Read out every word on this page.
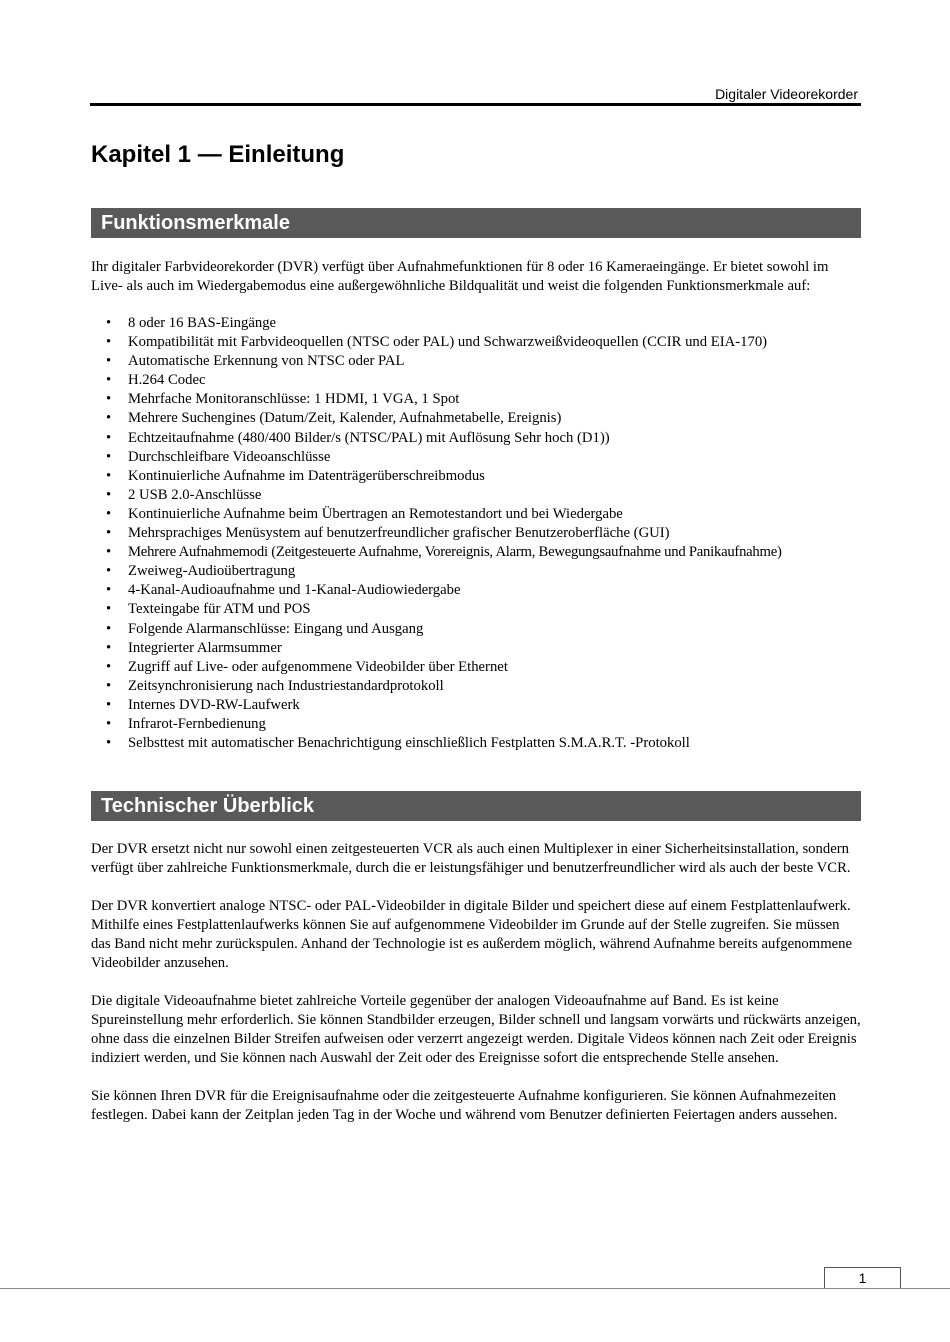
Digitaler Videorekorder
Kapitel 1 — Einleitung
Funktionsmerkmale

Ihr digitaler Farbvideorekorder (DVR) verfügt über Aufnahmefunktionen für 8 oder 16 Kameraeingänge. Er bietet sowohl im Live- als auch im Wiedergabemodus eine außergewöhnliche Bildqualität und weist die folgenden Funktionsmerkmale auf:

• 8 oder 16 BAS-Eingänge
• Kompatibilität mit Farbvideoquellen (NTSC oder PAL) und Schwarzweißvideoquellen (CCIR und EIA-170)
• Automatische Erkennung von NTSC oder PAL
• H.264 Codec
• Mehrfache Monitoranschlüsse: 1 HDMI, 1 VGA, 1 Spot
• Mehrere Suchengines (Datum/Zeit, Kalender, Aufnahmetabelle, Ereignis)
• Echtzeitaufnahme (480/400 Bilder/s (NTSC/PAL) mit Auflösung Sehr hoch (D1))
• Durchschleifbare Videoanschlüsse
• Kontinuierliche Aufnahme im Datenträgerüberschreibmodus
• 2 USB 2.0-Anschlüsse
• Kontinuierliche Aufnahme beim Übertragen an Remotestandort und bei Wiedergabe
• Mehrsprachiges Menüsystem auf benutzerfreundlicher grafischer Benutzeroberfläche (GUI)
• Mehrere Aufnahmemodi (Zeitgesteuerte Aufnahme, Vorereignis, Alarm, Bewegungsaufnahme und Panikaufnahme)
• Zweiweg-Audioübertragung
• 4-Kanal-Audioaufnahme und 1-Kanal-Audiowiedergabe
• Texteingabe für ATM und POS
• Folgende Alarmanschlüsse: Eingang und Ausgang
• Integrierter Alarmsummer
• Zugriff auf Live- oder aufgenommene Videobilder über Ethernet
• Zeitsynchronisierung nach Industriestandardprotokoll
• Internes DVD-RW-Laufwerk
• Infrarot-Fernbedienung
• Selbsttest mit automatischer Benachrichtigung einschließlich Festplatten S.M.A.R.T. -Protokoll
Technischer Überblick

Der DVR ersetzt nicht nur sowohl einen zeitgesteuerten VCR als auch einen Multiplexer in einer Sicherheitsinstallation, sondern verfügt über zahlreiche Funktionsmerkmale, durch die er leistungsfähiger und benutzerfreundlicher wird als auch der beste VCR.

Der DVR konvertiert analoge NTSC- oder PAL-Videobilder in digitale Bilder und speichert diese auf einem Festplattenlaufwerk. Mithilfe eines Festplattenlaufwerks können Sie auf aufgenommene Videobilder im Grunde auf der Stelle zugreifen. Sie müssen das Band nicht mehr zurückspulen. Anhand der Technologie ist es außerdem möglich, während Aufnahme bereits aufgenommene Videobilder anzusehen.

Die digitale Videoaufnahme bietet zahlreiche Vorteile gegenüber der analogen Videoaufnahme auf Band. Es ist keine Spureinstellung mehr erforderlich. Sie können Standbilder erzeugen, Bilder schnell und langsam vorwärts und rückwärts anzeigen, ohne dass die einzelnen Bilder Streifen aufweisen oder verzerrt angezeigt werden. Digitale Videos können nach Zeit oder Ereignis indiziert werden, und Sie können nach Auswahl der Zeit oder des Ereignisse sofort die entsprechende Stelle ansehen.

Sie können Ihren DVR für die Ereignisaufnahme oder die zeitgesteuerte Aufnahme konfigurieren. Sie können Aufnahmezeiten festlegen. Dabei kann der Zeitplan jeden Tag in der Woche und während vom Benutzer definierten Feiertagen anders aussehen.

1
